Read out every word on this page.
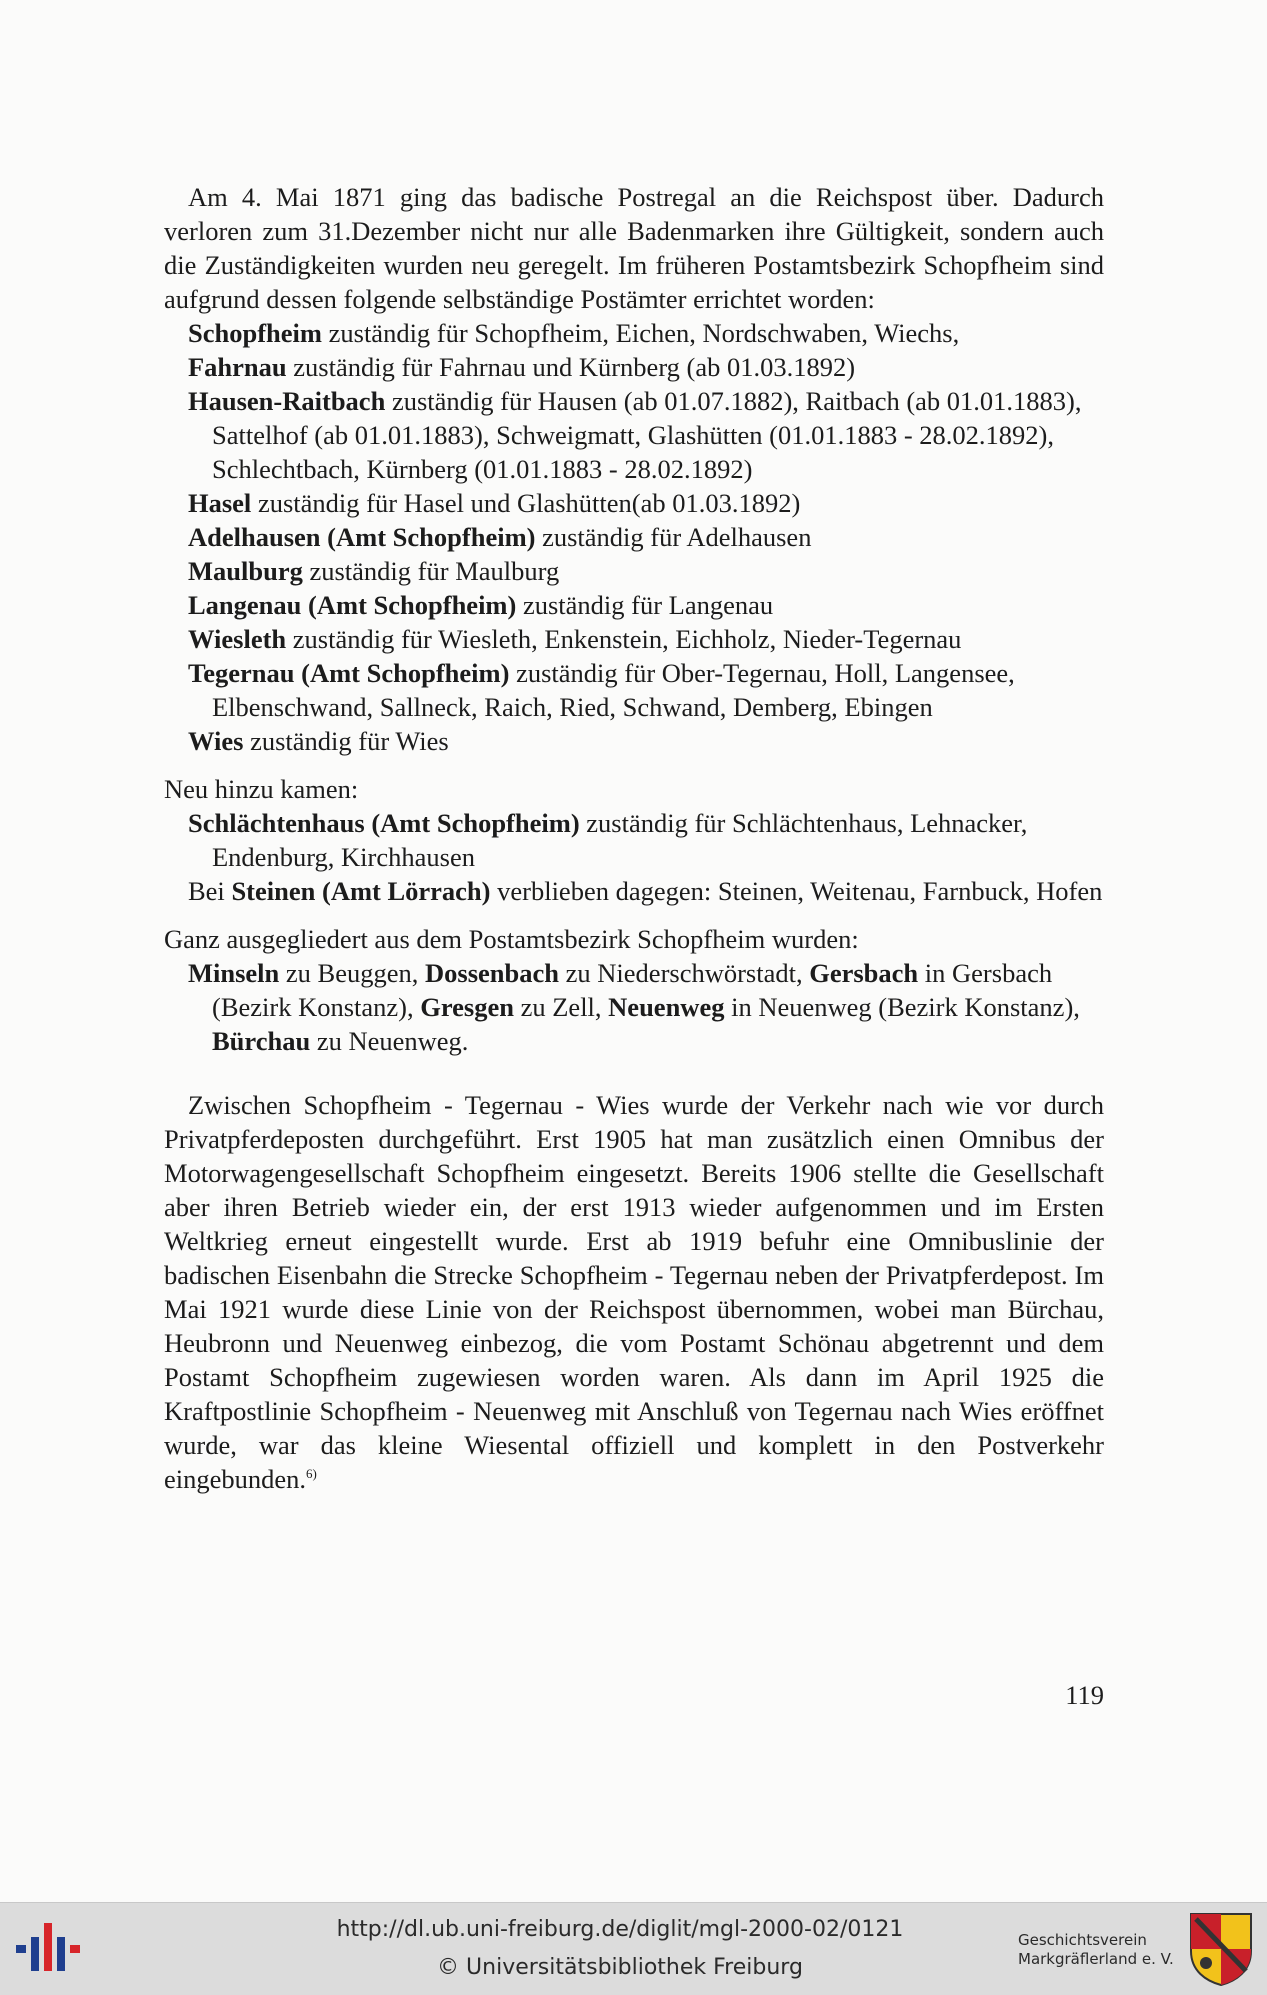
Am 4. Mai 1871 ging das badische Postregal an die Reichspost über. Dadurch verloren zum 31.Dezember nicht nur alle Badenmarken ihre Gültigkeit, sondern auch die Zuständigkeiten wurden neu geregelt. Im früheren Postamtsbezirk Schopfheim sind aufgrund dessen folgende selbständige Postämter errichtet worden:

Schopfheim zuständig für Schopfheim, Eichen, Nordschwaben, Wiechs,

Fahrnau zuständig für Fahrnau und Kürnberg (ab 01.03.1892)

Hausen-Raitbach zuständig für Hausen (ab 01.07.1882), Raitbach (ab 01.01.1883), Sattelhof (ab 01.01.1883), Schweigmatt, Glashütten (01.01.1883 - 28.02.1892), Schlechtbach, Kürnberg (01.01.1883 - 28.02.1892)

Hasel zuständig für Hasel und Glashütten(ab 01.03.1892)

Adelhausen (Amt Schopfheim) zuständig für Adelhausen

Maulburg zuständig für Maulburg

Langenau (Amt Schopfheim) zuständig für Langenau

Wiesleth zuständig für Wiesleth, Enkenstein, Eichholz, Nieder-Tegernau

Tegernau (Amt Schopfheim) zuständig für Ober-Tegernau, Holl, Langensee, Elbenschwand, Sallneck, Raich, Ried, Schwand, Demberg, Ebingen

Wies zuständig für Wies

Neu hinzu kamen:

Schlächtenhaus (Amt Schopfheim) zuständig für Schlächtenhaus, Lehnacker, Endenburg, Kirchhausen

Bei Steinen (Amt Lörrach) verblieben dagegen: Steinen, Weitenau, Farnbuck, Hofen

Ganz ausgegliedert aus dem Postamtsbezirk Schopfheim wurden:

Minseln zu Beuggen, Dossenbach zu Niederschwörstadt, Gersbach in Gersbach (Bezirk Konstanz), Gresgen zu Zell, Neuenweg in Neuenweg (Bezirk Konstanz), Bürchau zu Neuenweg.

Zwischen Schopfheim - Tegernau - Wies wurde der Verkehr nach wie vor durch Privatpferdeposten durchgeführt. Erst 1905 hat man zusätzlich einen Omnibus der Motorwagengesellschaft Schopfheim eingesetzt. Bereits 1906 stellte die Gesellschaft aber ihren Betrieb wieder ein, der erst 1913 wieder aufgenommen und im Ersten Weltkrieg erneut eingestellt wurde. Erst ab 1919 befuhr eine Omnibuslinie der badischen Eisenbahn die Strecke Schopfheim - Tegernau neben der Privatpferdepost. Im Mai 1921 wurde diese Linie von der Reichspost übernommen, wobei man Bürchau, Heubronn und Neuenweg einbezog, die vom Postamt Schönau abgetrennt und dem Postamt Schopfheim zugewiesen worden waren. Als dann im April 1925 die Kraftpostlinie Schopfheim - Neuenweg mit Anschluß von Tegernau nach Wies eröffnet wurde, war das kleine Wiesental offiziell und komplett in den Postverkehr eingebunden.$^{6)}$

119
http://dl.ub.uni-freiburg.de/diglit/mgl-2000-02/0121
© Universitätsbibliothek Freiburg
Geschichtsverein
Markgräflerland e. V.
